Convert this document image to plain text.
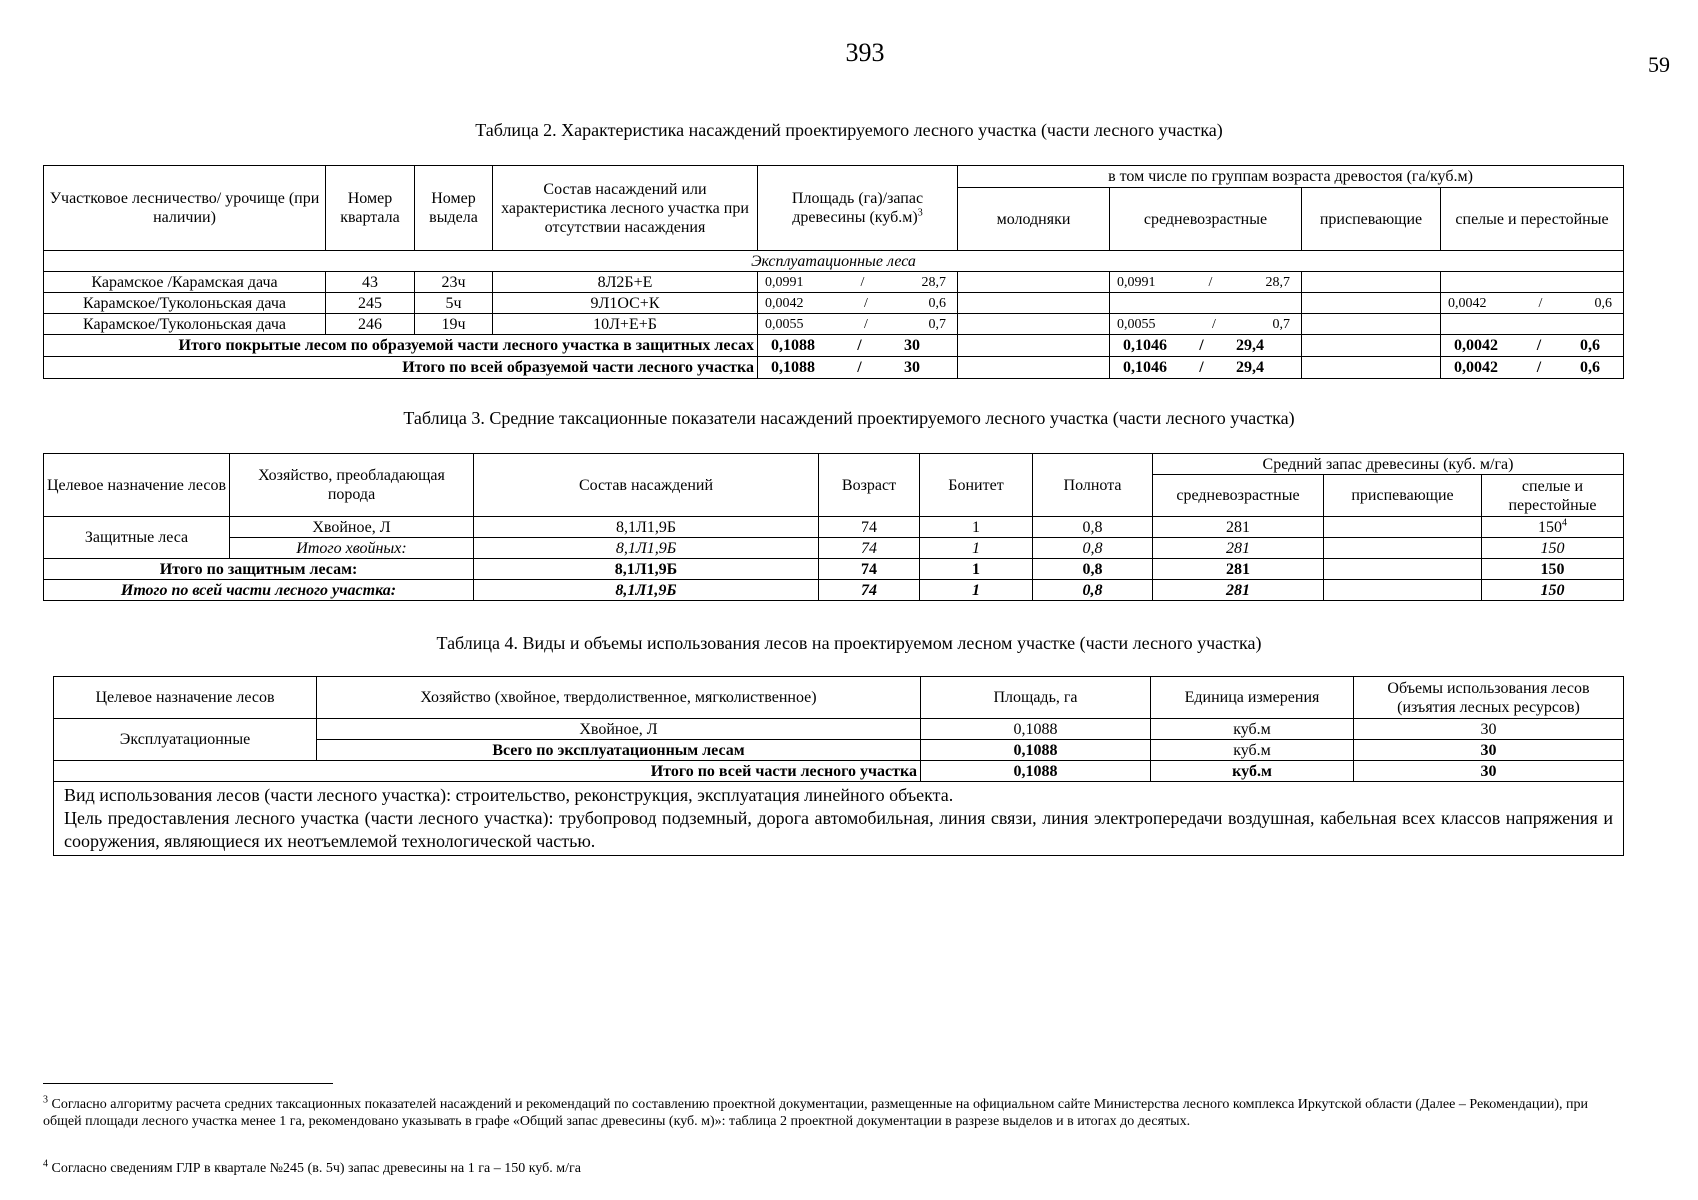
393	59
Таблица 2. Характеристика насаждений проектируемого лесного участка (части лесного участка)
Участковое лесничество/ урочище (при наличии)	Номер квартала	Номер выдела	Состав насаждений или характеристика лесного участка при отсутствии насаждения	Площадь (га)/запас древесины $(куб.м)^3$	в том числе по группам возраста древостоя (га/куб.м)			
					молодняки	средневозрастные	приспевающие	спелые и перестойные
Эксплуатационные леса								
Карамское /Карамская дача	43	23ч	8Л2Б+Е	0,0991 / 28,7		0,0991 / 28,7		

Карамское/Туколоньская дача	245	5ч	9Л1ОС+К	0,0042 / 0,6				0,0042 / 0,6

Карамское/Туколоньская дача	246	19ч	10Л+Е+Б	0,0055 / 0,7		0,0055 / 0,7		

Итого покрытые лесом по образуемой части лесного участка в защитных лесах				0,1088 / 30		0,1046 / 29,4		0,0042 / 0,6

Итого по всей образуемой части лесного участка				0,1088 / 30		0,1046 / 29,4		0,0042 / 0,6
Таблица 3. Средние таксационные показатели насаждений проектируемого лесного участка (части лесного участка)
Целевое назначение лесов	Хозяйство, преобладающая порода	Состав насаждений	Возраст	Бонитет	Полнота	Средний запас древесины (куб. м/га)		
						средневозрастные	приспевающие	спелые и перестойные
Защитные леса	Хвойное, Л	8,1Л1,9Б	74	1	0,8	281		$150^4$
	Итого хвойных:	8,1Л1,9Б	74	1	0,8	281		150
Итого по защитным лесам:		8,1Л1,9Б	74	1	0,8	281		150
Итого по всей части лесного участка:		8,1Л1,9Б	74	1	0,8	281		150
Таблица 4. Виды и объемы использования лесов на проектируемом лесном участке (части лесного участка)
Целевое назначение лесов	Хозяйство (хвойное, твердолиственное, мягколиственное)	Площадь, га	Единица измерения	Объемы использования лесов (изъятия лесных ресурсов)
Эксплуатационные	Хвойное, Л	0,1088	куб.м	30
	Всего по эксплуатационным лесам	0,1088	куб.м	30
Итого по всей части лесного участка		0,1088	куб.м	30

Вид использования лесов (части лесного участка): строительство, реконструкция, эксплуатация линейного объекта.
Цель предоставления лесного участка (части лесного участка): трубопровод подземный, дорога автомобильная, линия связи, линия электропередачи воздушная, кабельная всех классов напряжения и сооружения, являющиеся их неотъемлемой технологической частью.				
$^3$ Согласно алгоритму расчета средних таксационных показателей насаждений и рекомендаций по составлению проектной документации, размещенные на официальном сайте Министерства лесного комплекса Иркутской области (Далее – Рекомендации), при общей площади лесного участка менее 1 га, рекомендовано указывать в графе «Общий запас древесины (куб. м)»: таблица 2 проектной документации в разрезе выделов и в итогах до десятых.
$^4$ Согласно сведениям ГЛР в квартале №245 (в. 5ч) запас древесины на 1 га – 150 куб. м/га
